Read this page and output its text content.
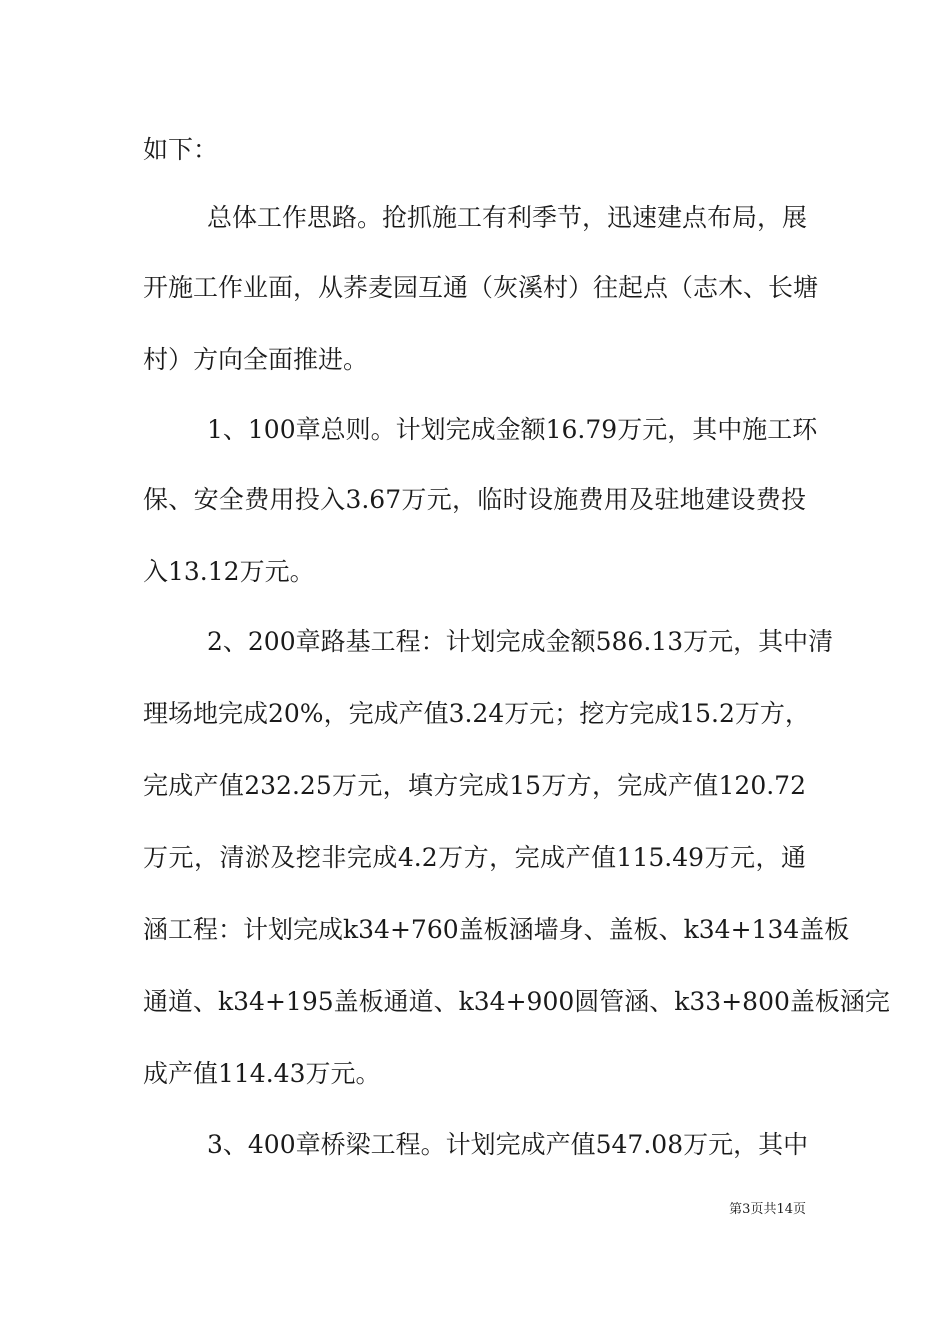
如下：
总体工作思路。抢抓施工有利季节，迅速建点布局，展
开施工作业面，从荞麦园互通（灰溪村）往起点（志木、长塘
村）方向全面推进。
1、100章总则。计划完成金额16.79万元，其中施工环
保、安全费用投入3.67万元，临时设施费用及驻地建设费投
入13.12万元。
2、200章路基工程：计划完成金额586.13万元，其中清
理场地完成20%，完成产值3.24万元；挖方完成15.2万方，
完成产值232.25万元，填方完成15万方，完成产值120.72
万元，清淤及挖非完成4.2万方，完成产值115.49万元，通
涵工程：计划完成k34+760盖板涵墙身、盖板、k34+134盖板
通道、k34+195盖板通道、k34+900圆管涵、k33+800盖板涵完
成产值114.43万元。
3、400章桥梁工程。计划完成产值547.08万元，其中
第3页共14页
